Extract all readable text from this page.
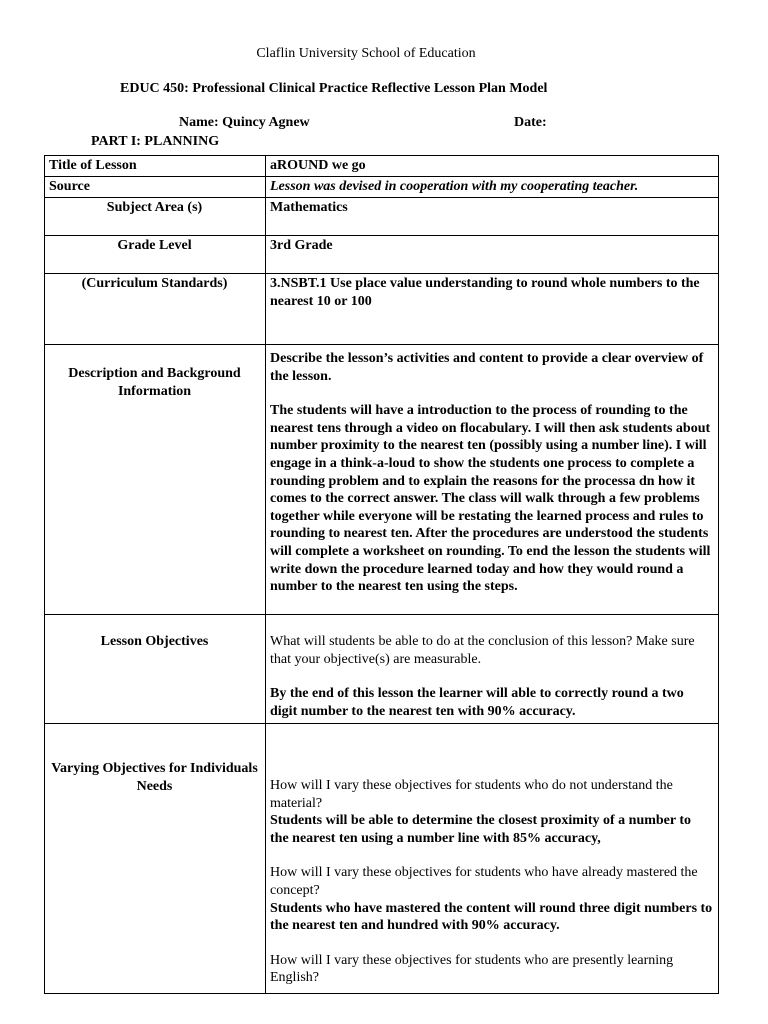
Claflin University School of Education
EDUC 450: Professional Clinical Practice Reflective Lesson Plan Model
Name: Quincy Agnew	Date:
PART I: PLANNING
Title of Lesson	aROUND we go
Source	Lesson was devised in cooperation with my cooperating teacher.
Subject Area (s)	Mathematics
Grade Level	3rd Grade
(Curriculum Standards)	3.NSBT.1 Use place value understanding to round whole numbers to the nearest 10 or 100
Description and Background Information	Describe the lesson’s activities and content to provide a clear overview of the lesson.

The students will have a introduction to the process of rounding to the nearest tens through a video on flocabulary. I will then ask students about number proximity to the nearest ten (possibly using a number line). I will engage in a think-a-loud to show the students one process to complete a rounding problem and to explain the reasons for the processa dn how it comes to the correct answer. The class will walk through a few problems together while everyone will be restating the learned process and rules to rounding to nearest ten. After the procedures are understood the students will complete a worksheet on rounding. To end the lesson the students will write down the procedure learned today and how they would round a number to the nearest ten using the steps.

Lesson Objectives	What will students be able to do at the conclusion of this lesson? Make sure that your objective(s) are measurable.

By the end of this lesson the learner will able to correctly round a two digit number to the nearest ten with 90% accuracy.

Varying Objectives for Individuals Needs	How will I vary these objectives for students who do not understand the material?

Students will be able to determine the closest proximity of a number to the nearest ten using a number line with 85% accuracy,

How will I vary these objectives for students who have already mastered the concept?

Students who have mastered the content will round three digit numbers to the nearest ten and hundred with 90% accuracy.

How will I vary these objectives for students who are presently learning English?
